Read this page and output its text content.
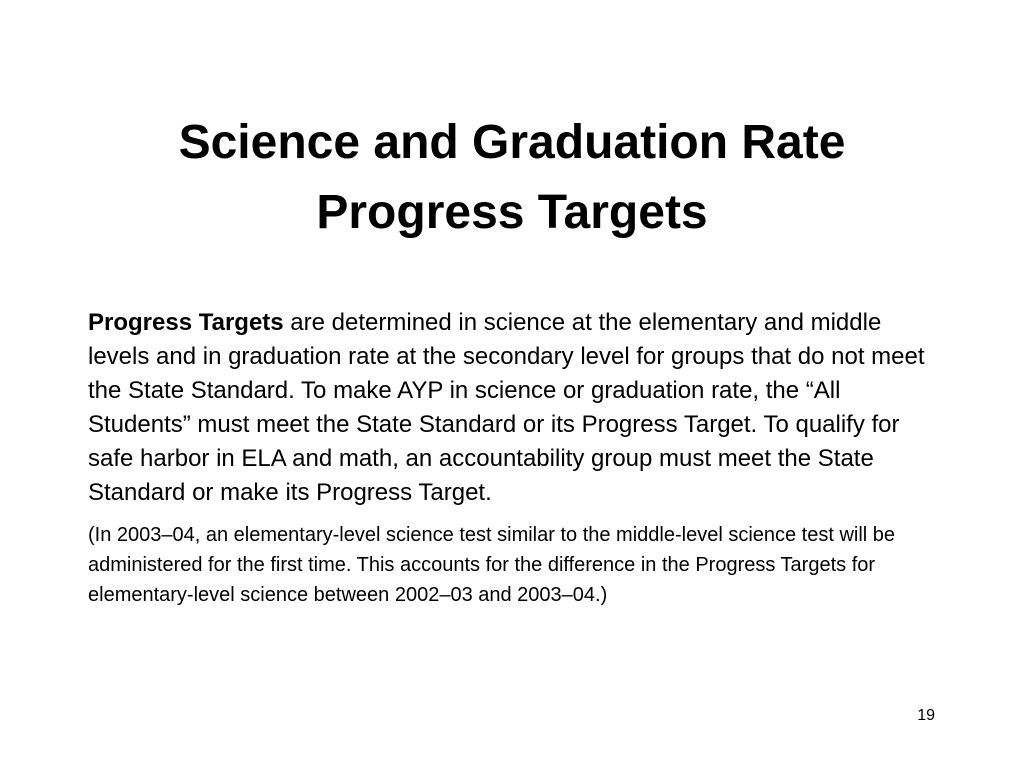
Science and Graduation Rate
Progress Targets

Progress Targets are determined in science at the elementary and middle levels and in graduation rate at the secondary level for groups that do not meet the State Standard. To make AYP in science or graduation rate, the “All Students” must meet the State Standard or its Progress Target. To qualify for safe harbor in ELA and math, an accountability group must meet the State Standard or make its Progress Target.

(In 2003–04, an elementary-level science test similar to the middle-level science test will be administered for the first time. This accounts for the difference in the Progress Targets for elementary-level science between 2002–03 and 2003–04.)

19
